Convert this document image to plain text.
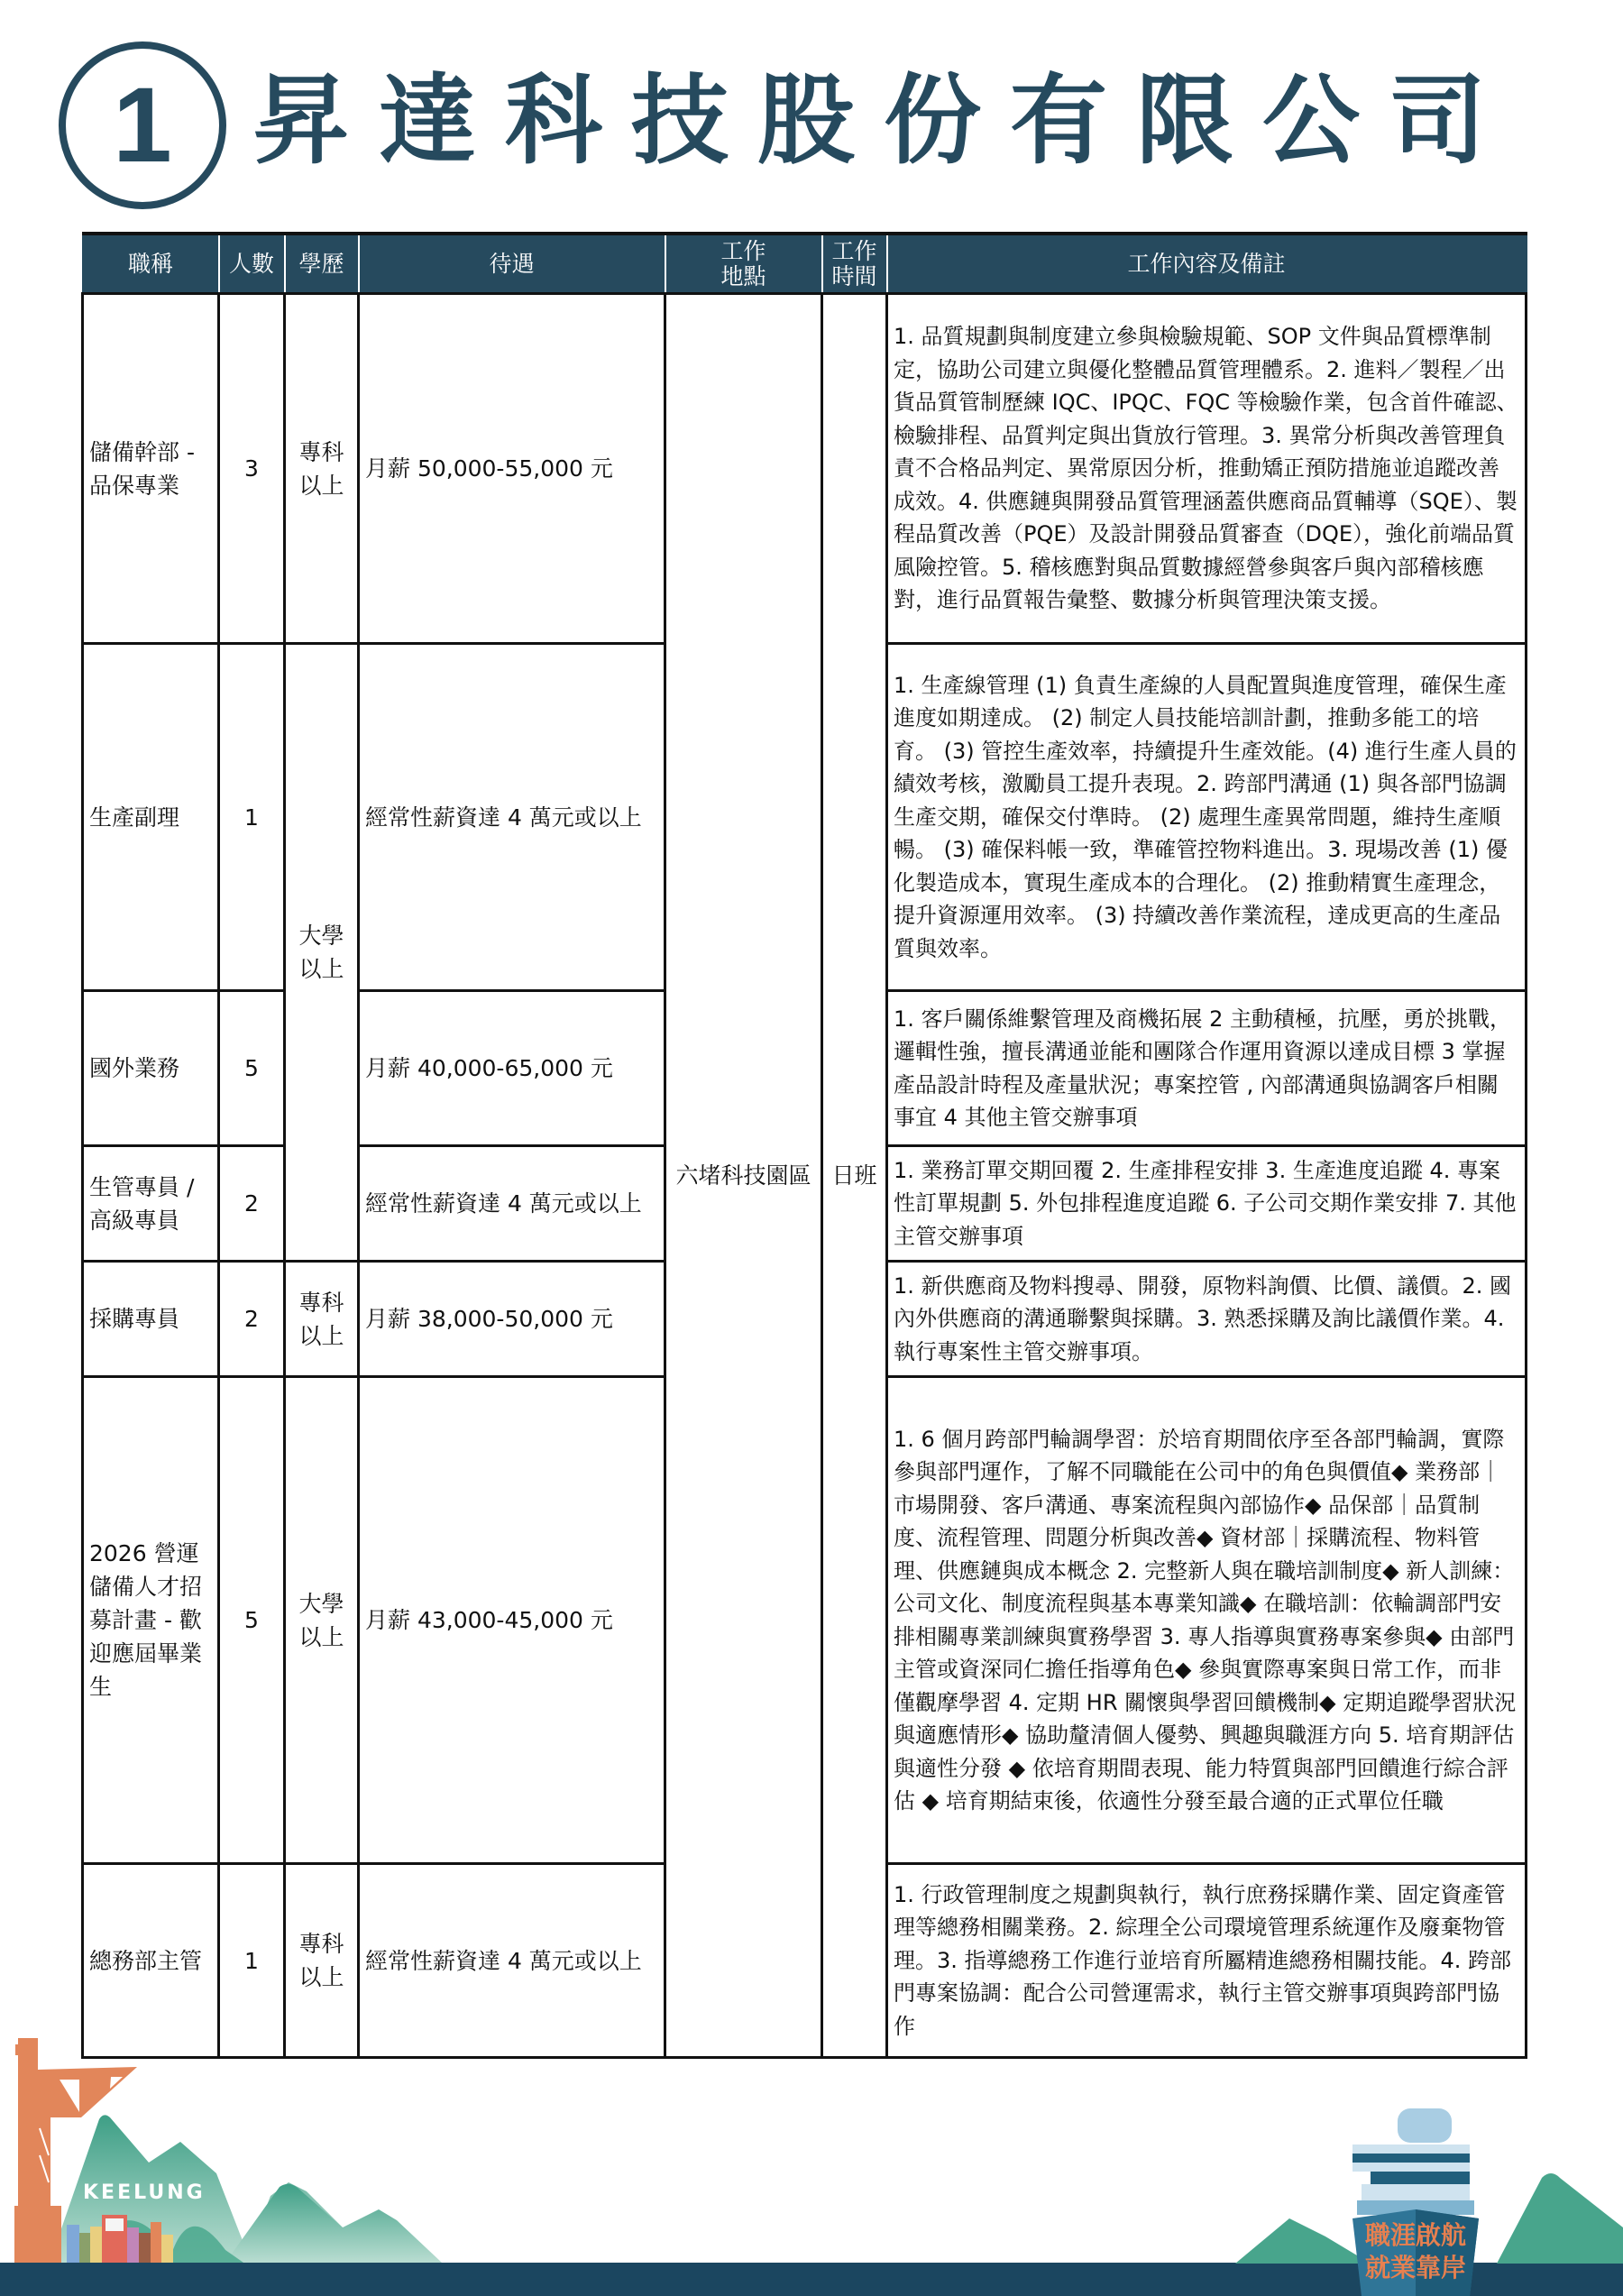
1 昇達科技股份有限公司
職稱	人數	學歷	待遇	工作地點	工作時間	工作內容及備註
儲備幹部 - 品保專業	3	專科以上	月薪 50,000-55,000 元	六堵科技園區	日班	1. 品質規劃與制度建立參與檢驗規範、SOP 文件與品質標準制定，協助公司建立與優化整體品質管理體系。2. 進料／製程／出貨品質管制歷練 IQC、IPQC、FQC 等檢驗作業，包含首件確認、檢驗排程、品質判定與出貨放行管理。3. 異常分析與改善管理負責不合格品判定、異常原因分析，推動矯正預防措施並追蹤改善成效。4. 供應鏈與開發品質管理涵蓋供應商品質輔導（SQE）、製程品質改善（PQE）及設計開發品質審查（DQE），強化前端品質風險控管。5. 稽核應對與品質數據經營參與客戶與內部稽核應對，進行品質報告彙整、數據分析與管理決策支援。
生產副理	1	大學以上	經常性薪資達 4 萬元或以上			1. 生產線管理 (1) 負責生產線的人員配置與進度管理，確保生產進度如期達成。 (2) 制定人員技能培訓計劃，推動多能工的培育。 (3) 管控生產效率，持續提升生產效能。(4) 進行生產人員的績效考核，激勵員工提升表現。2. 跨部門溝通 (1) 與各部門協調生產交期，確保交付準時。 (2) 處理生產異常問題，維持生產順暢。 (3) 確保料帳一致，準確管控物料進出。3. 現場改善 (1) 優化製造成本，實現生產成本的合理化。 (2) 推動精實生產理念，提升資源運用效率。 (3) 持續改善作業流程，達成更高的生產品質與效率。
國外業務	5		月薪 40,000-65,000 元			1. 客戶關係維繫管理及商機拓展 2 主動積極，抗壓，勇於挑戰，邏輯性強，擅長溝通並能和團隊合作運用資源以達成目標 3 掌握產品設計時程及產量狀況；專案控管 , 內部溝通與協調客戶相關事宜 4 其他主管交辦事項
生管專員 / 高級專員	2		經常性薪資達 4 萬元或以上			1. 業務訂單交期回覆 2. 生產排程安排 3. 生產進度追蹤 4. 專案性訂單規劃 5. 外包排程進度追蹤 6. 子公司交期作業安排 7. 其他主管交辦事項
採購專員	2	專科以上	月薪 38,000-50,000 元			1. 新供應商及物料搜尋、開發，原物料詢價、比價、議價。2. 國內外供應商的溝通聯繫與採購。3. 熟悉採購及詢比議價作業。4. 執行專案性主管交辦事項。
2026 營運儲備人才招募計畫 - 歡迎應屆畢業生	5	大學以上	月薪 43,000-45,000 元			1. 6 個月跨部門輪調學習：於培育期間依序至各部門輪調，實際參與部門運作，了解不同職能在公司中的角色與價值◆ 業務部｜市場開發、客戶溝通、專案流程與內部協作◆ 品保部｜品質制度、流程管理、問題分析與改善◆ 資材部｜採購流程、物料管理、供應鏈與成本概念 2. 完整新人與在職培訓制度◆ 新人訓練：公司文化、制度流程與基本專業知識◆ 在職培訓：依輪調部門安排相關專業訓練與實務學習 3. 專人指導與實務專案參與◆ 由部門主管或資深同仁擔任指導角色◆ 參與實際專案與日常工作，而非僅觀摩學習 4. 定期 HR 關懷與學習回饋機制◆ 定期追蹤學習狀況與適應情形◆ 協助釐清個人優勢、興趣與職涯方向 5. 培育期評估與適性分發 ◆ 依培育期間表現、能力特質與部門回饋進行綜合評估 ◆ 培育期結束後，依適性分發至最合適的正式單位任職
總務部主管	1	專科以上	經常性薪資達 4 萬元或以上			1. 行政管理制度之規劃與執行，執行庶務採購作業、固定資產管理等總務相關業務。2. 綜理全公司環境管理系統運作及廢棄物管理。3. 指導總務工作進行並培育所屬精進總務相關技能。4. 跨部門專案協調：配合公司營運需求，執行主管交辦事項與跨部門協作
KEELUNG
職涯啟航
就業靠岸
